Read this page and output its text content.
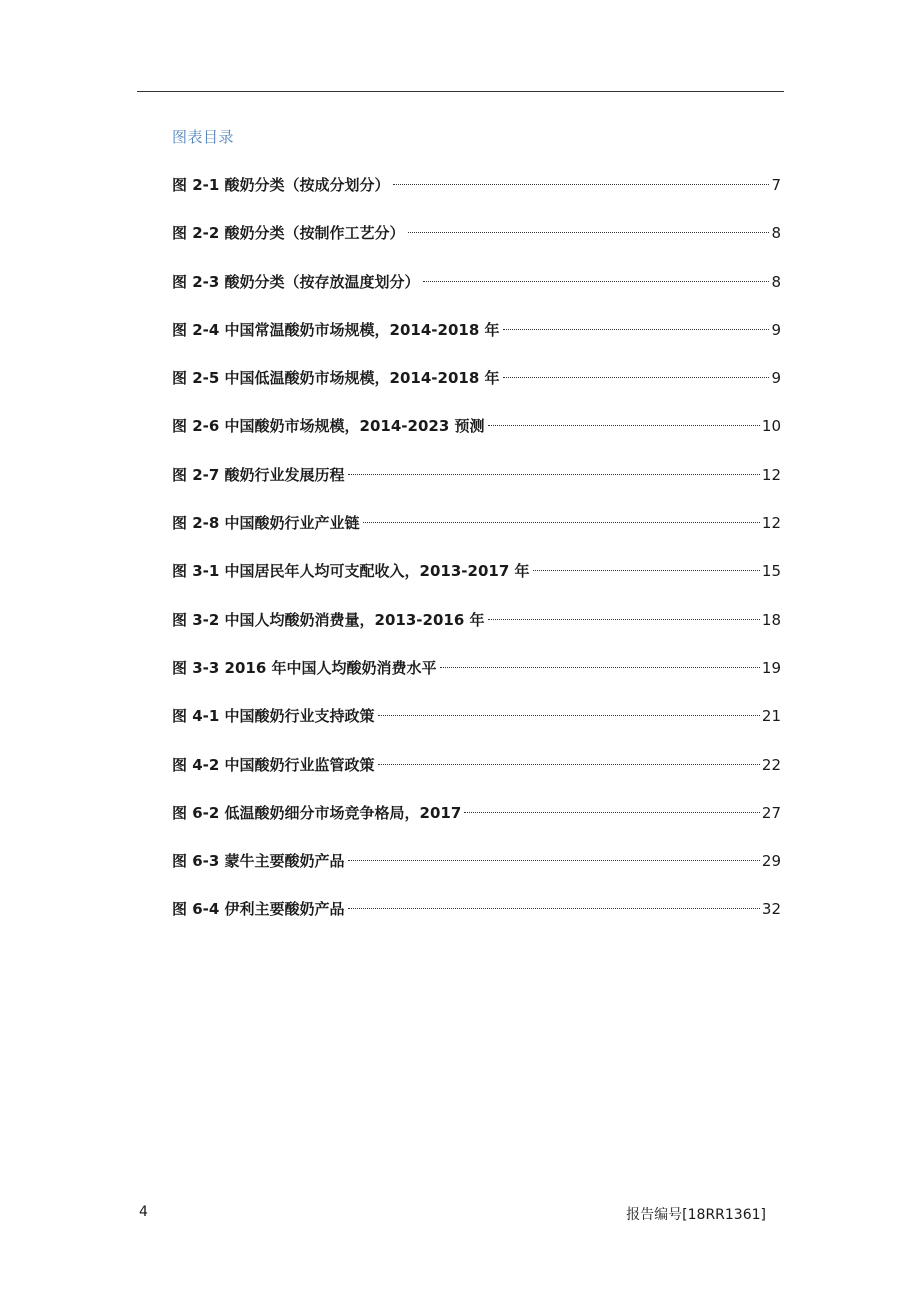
图表目录
图 2-1 酸奶分类（按成分划分）	7
图 2-2 酸奶分类（按制作工艺分）	8
图 2-3 酸奶分类（按存放温度划分）	8
图 2-4 中国常温酸奶市场规模，2014-2018 年	9
图 2-5 中国低温酸奶市场规模，2014-2018 年	9
图 2-6 中国酸奶市场规模，2014-2023 预测	10
图 2-7 酸奶行业发展历程	12
图 2-8 中国酸奶行业产业链	12
图 3-1 中国居民年人均可支配收入，2013-2017 年	15
图 3-2 中国人均酸奶消费量，2013-2016 年	18
图 3-3 2016 年中国人均酸奶消费水平	19
图 4-1 中国酸奶行业支持政策	21
图 4-2 中国酸奶行业监管政策	22
图 6-2 低温酸奶细分市场竞争格局，2017	27
图 6-3 蒙牛主要酸奶产品	29
图 6-4 伊利主要酸奶产品	32
4	报告编号[18RR1361]
